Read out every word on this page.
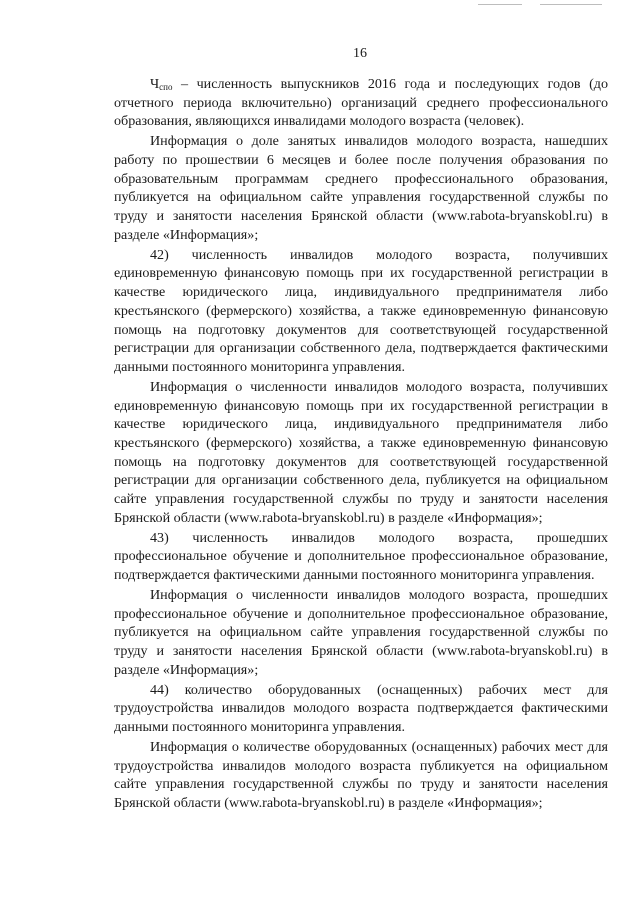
16

$Ч_{спо}$ – численность выпускников 2016 года и последующих годов (до отчетного периода включительно) организаций среднего профессионального образования, являющихся инвалидами молодого возраста (человек).

Информация о доле занятых инвалидов молодого возраста, нашедших работу по прошествии 6 месяцев и более после получения образования по образовательным программам среднего профессионального образования, публикуется на официальном сайте управления государственной службы по труду и занятости населения Брянской области (www.rabota-bryanskobl.ru) в разделе «Информация»;

42) численность инвалидов молодого возраста, получивших единовременную финансовую помощь при их государственной регистрации в качестве юридического лица, индивидуального предпринимателя либо крестьянского (фермерского) хозяйства, а также единовременную финансовую помощь на подготовку документов для соответствующей государственной регистрации для организации собственного дела, подтверждается фактическими данными постоянного мониторинга управления.

Информация о численности инвалидов молодого возраста, получивших единовременную финансовую помощь при их государственной регистрации в качестве юридического лица, индивидуального предпринимателя либо крестьянского (фермерского) хозяйства, а также единовременную финансовую помощь на подготовку документов для соответствующей государственной регистрации для организации собственного дела, публикуется на официальном сайте управления государственной службы по труду и занятости населения Брянской области (www.rabota-bryanskobl.ru) в разделе «Информация»;

43) численность инвалидов молодого возраста, прошедших профессиональное обучение и дополнительное профессиональное образование, подтверждается фактическими данными постоянного мониторинга управления.

Информация о численности инвалидов молодого возраста, прошедших профессиональное обучение и дополнительное профессиональное образование, публикуется на официальном сайте управления государственной службы по труду и занятости населения Брянской области (www.rabota-bryanskobl.ru) в разделе «Информация»;

44) количество оборудованных (оснащенных) рабочих мест для трудоустройства инвалидов молодого возраста подтверждается фактическими данными постоянного мониторинга управления.

Информация о количестве оборудованных (оснащенных) рабочих мест для трудоустройства инвалидов молодого возраста публикуется на официальном сайте управления государственной службы по труду и занятости населения Брянской области (www.rabota-bryanskobl.ru) в разделе «Информация»;
